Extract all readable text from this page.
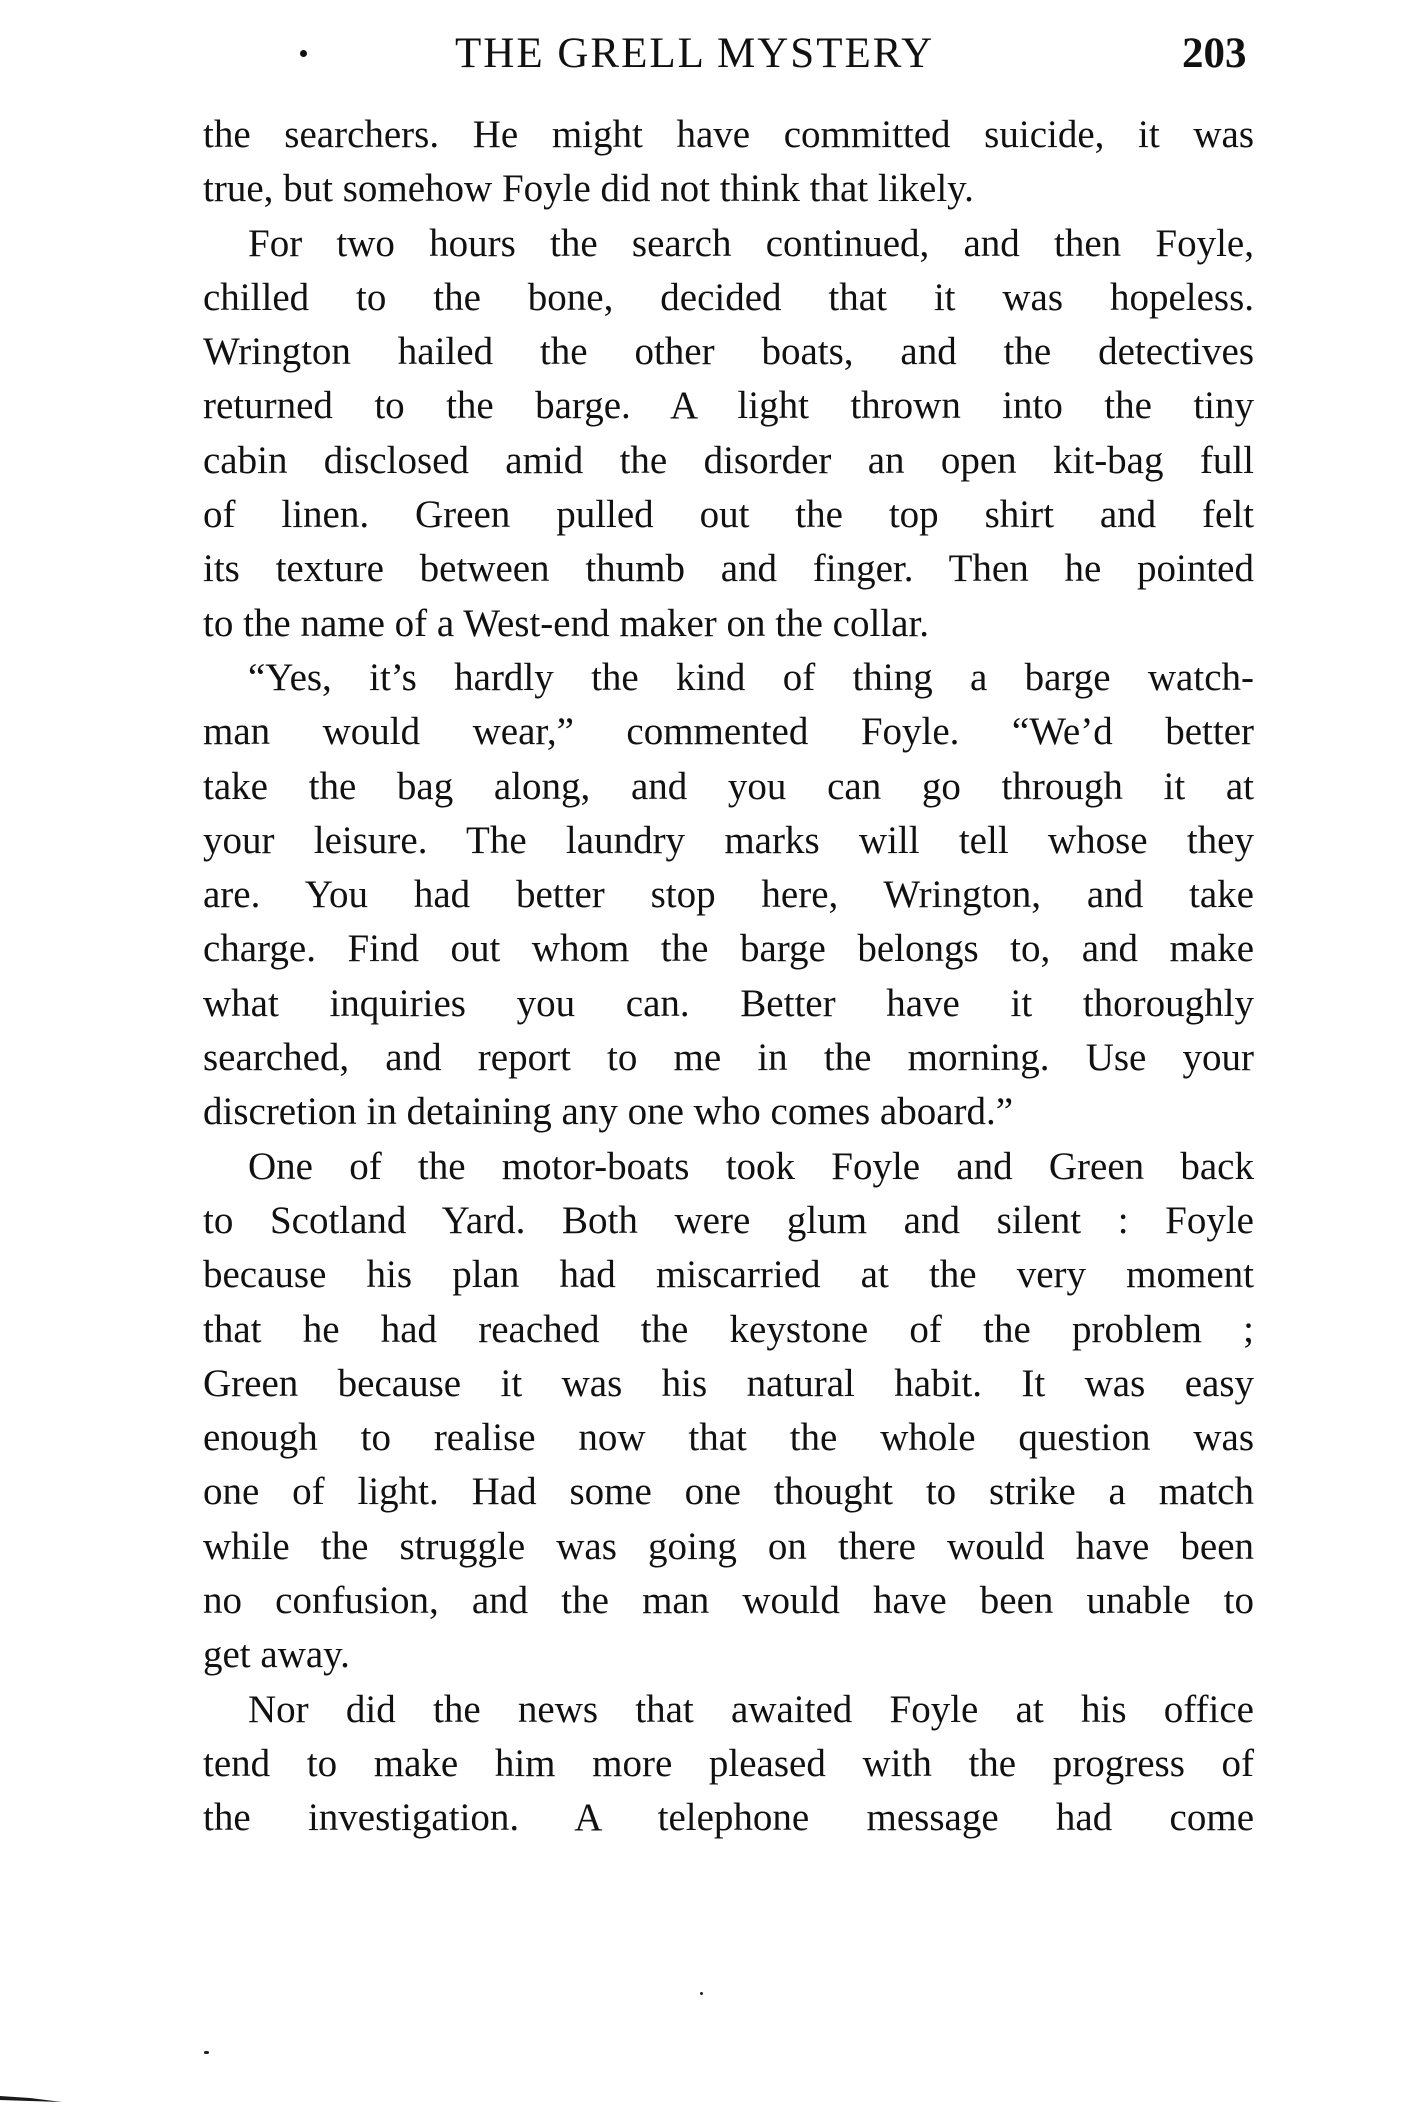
THE GRELL MYSTERY	203
the searchers. He might have committed suicide, it was
true, but somehow Foyle did not think that likely.
For two hours the search continued, and then Foyle,
chilled to the bone, decided that it was hopeless.
Wrington hailed the other boats, and the detectives
returned to the barge. A light thrown into the tiny
cabin disclosed amid the disorder an open kit-bag full
of linen. Green pulled out the top shirt and felt
its texture between thumb and finger. Then he pointed
to the name of a West-end maker on the collar.
“Yes, it’s hardly the kind of thing a barge watch-
man would wear,” commented Foyle. “We’d better
take the bag along, and you can go through it at
your leisure. The laundry marks will tell whose they
are. You had better stop here, Wrington, and take
charge. Find out whom the barge belongs to, and make
what inquiries you can. Better have it thoroughly
searched, and report to me in the morning. Use your
discretion in detaining any one who comes aboard.”
One of the motor-boats took Foyle and Green back
to Scotland Yard. Both were glum and silent : Foyle
because his plan had miscarried at the very moment
that he had reached the keystone of the problem ;
Green because it was his natural habit. It was easy
enough to realise now that the whole question was
one of light. Had some one thought to strike a match
while the struggle was going on there would have been
no confusion, and the man would have been unable to
get away.
Nor did the news that awaited Foyle at his office
tend to make him more pleased with the progress of
the investigation. A telephone message had come
